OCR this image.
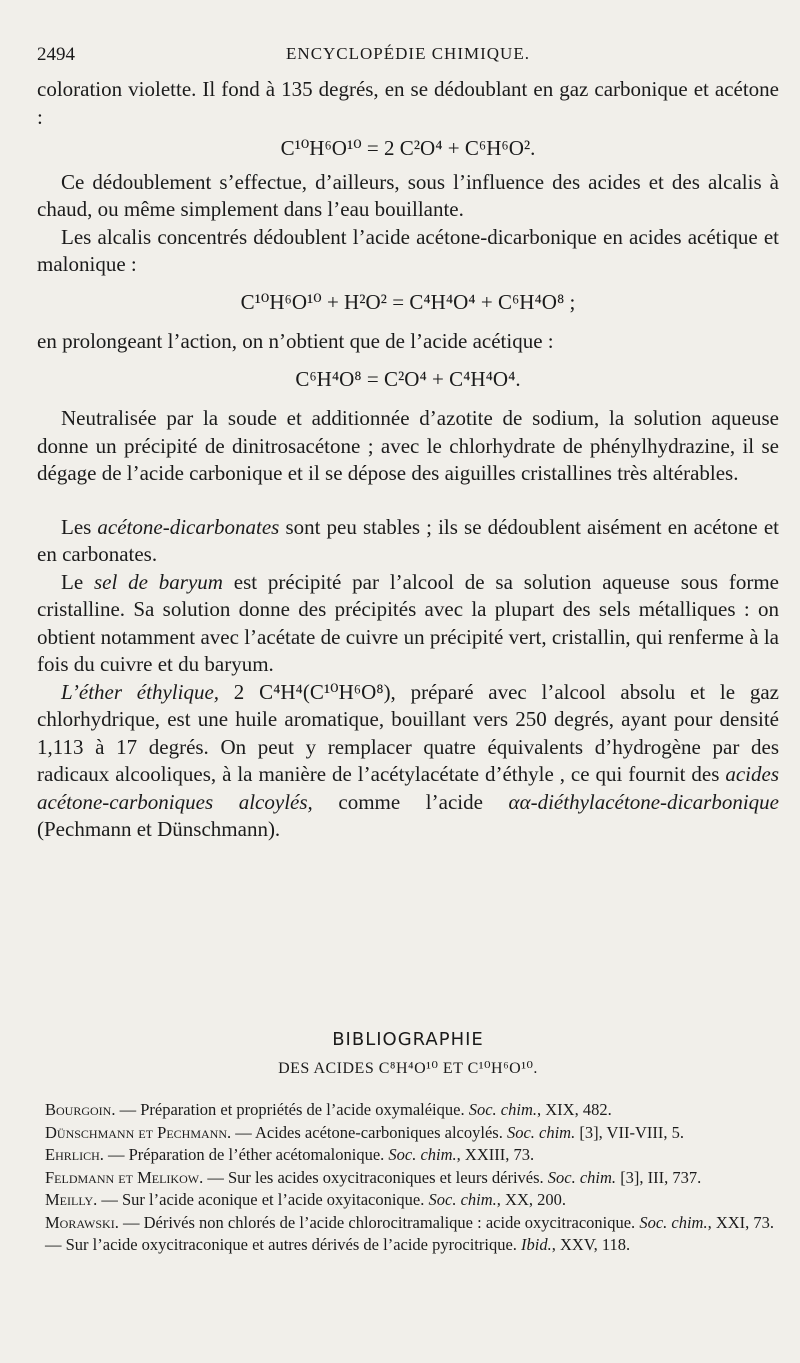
2494	ENCYCLOPÉDIE CHIMIQUE.

coloration violette. Il fond à 135 degrés, en se dédoublant en gaz carbonique et acétone :

C¹⁰H⁶O¹⁰ = 2 C²O⁴ + C⁶H⁶O².

Ce dédoublement s’effectue, d’ailleurs, sous l’influence des acides et des alcalis à chaud, ou même simplement dans l’eau bouillante.

Les alcalis concentrés dédoublent l’acide acétone-dicarbonique en acides acétique et malonique :

C¹⁰H⁶O¹⁰ + H²O² = C⁴H⁴O⁴ + C⁶H⁴O⁸ ;

en prolongeant l’action, on n’obtient que de l’acide acétique :

C⁶H⁴O⁸ = C²O⁴ + C⁴H⁴O⁴.

Neutralisée par la soude et additionnée d’azotite de sodium, la solution aqueuse donne un précipité de dinitrosacétone ; avec le chlorhydrate de phénylhydrazine, il se dégage de l’acide carbonique et il se dépose des aiguilles cristallines très altérables.

Les acétone-dicarbonates sont peu stables ; ils se dédoublent aisément en acétone et en carbonates.

Le sel de baryum est précipité par l’alcool de sa solution aqueuse sous forme cristalline. Sa solution donne des précipités avec la plupart des sels métalliques : on obtient notamment avec l’acétate de cuivre un précipité vert, cristallin, qui renferme à la fois du cuivre et du baryum.

L’éther éthylique, 2 C⁴H⁴(C¹⁰H⁶O⁸), préparé avec l’alcool absolu et le gaz chlorhydrique, est une huile aromatique, bouillant vers 250 degrés, ayant pour densité 1,113 à 17 degrés. On peut y remplacer quatre équivalents d’hydrogène par des radicaux alcooliques, à la manière de l’acétylacétate d’éthyle , ce qui fournit des acides acétone-carboniques alcoylés, comme l’acide αα-diéthylacétone-dicarbonique (Pechmann et Dünschmann).

BIBLIOGRAPHIE
DES ACIDES C⁸H⁴O¹⁰ ET C¹⁰H⁶O¹⁰.

Bourgoin. — Préparation et propriétés de l’acide oxymaléique. Soc. chim., XIX, 482.

Dünschmann et Pechmann. — Acides acétone-carboniques alcoylés. Soc. chim. [3], VII-VIII, 5.

Ehrlich. — Préparation de l’éther acétomalonique. Soc. chim., XXIII, 73.

Feldmann et Melikow. — Sur les acides oxycitraconiques et leurs dérivés. Soc. chim. [3], III, 737.

Meilly. — Sur l’acide aconique et l’acide oxyitaconique. Soc. chim., XX, 200.

Morawski. — Dérivés non chlorés de l’acide chlorocitramalique : acide oxycitraconique. Soc. chim., XXI, 73.

— Sur l’acide oxycitraconique et autres dérivés de l’acide pyrocitrique. Ibid., XXV, 118.
